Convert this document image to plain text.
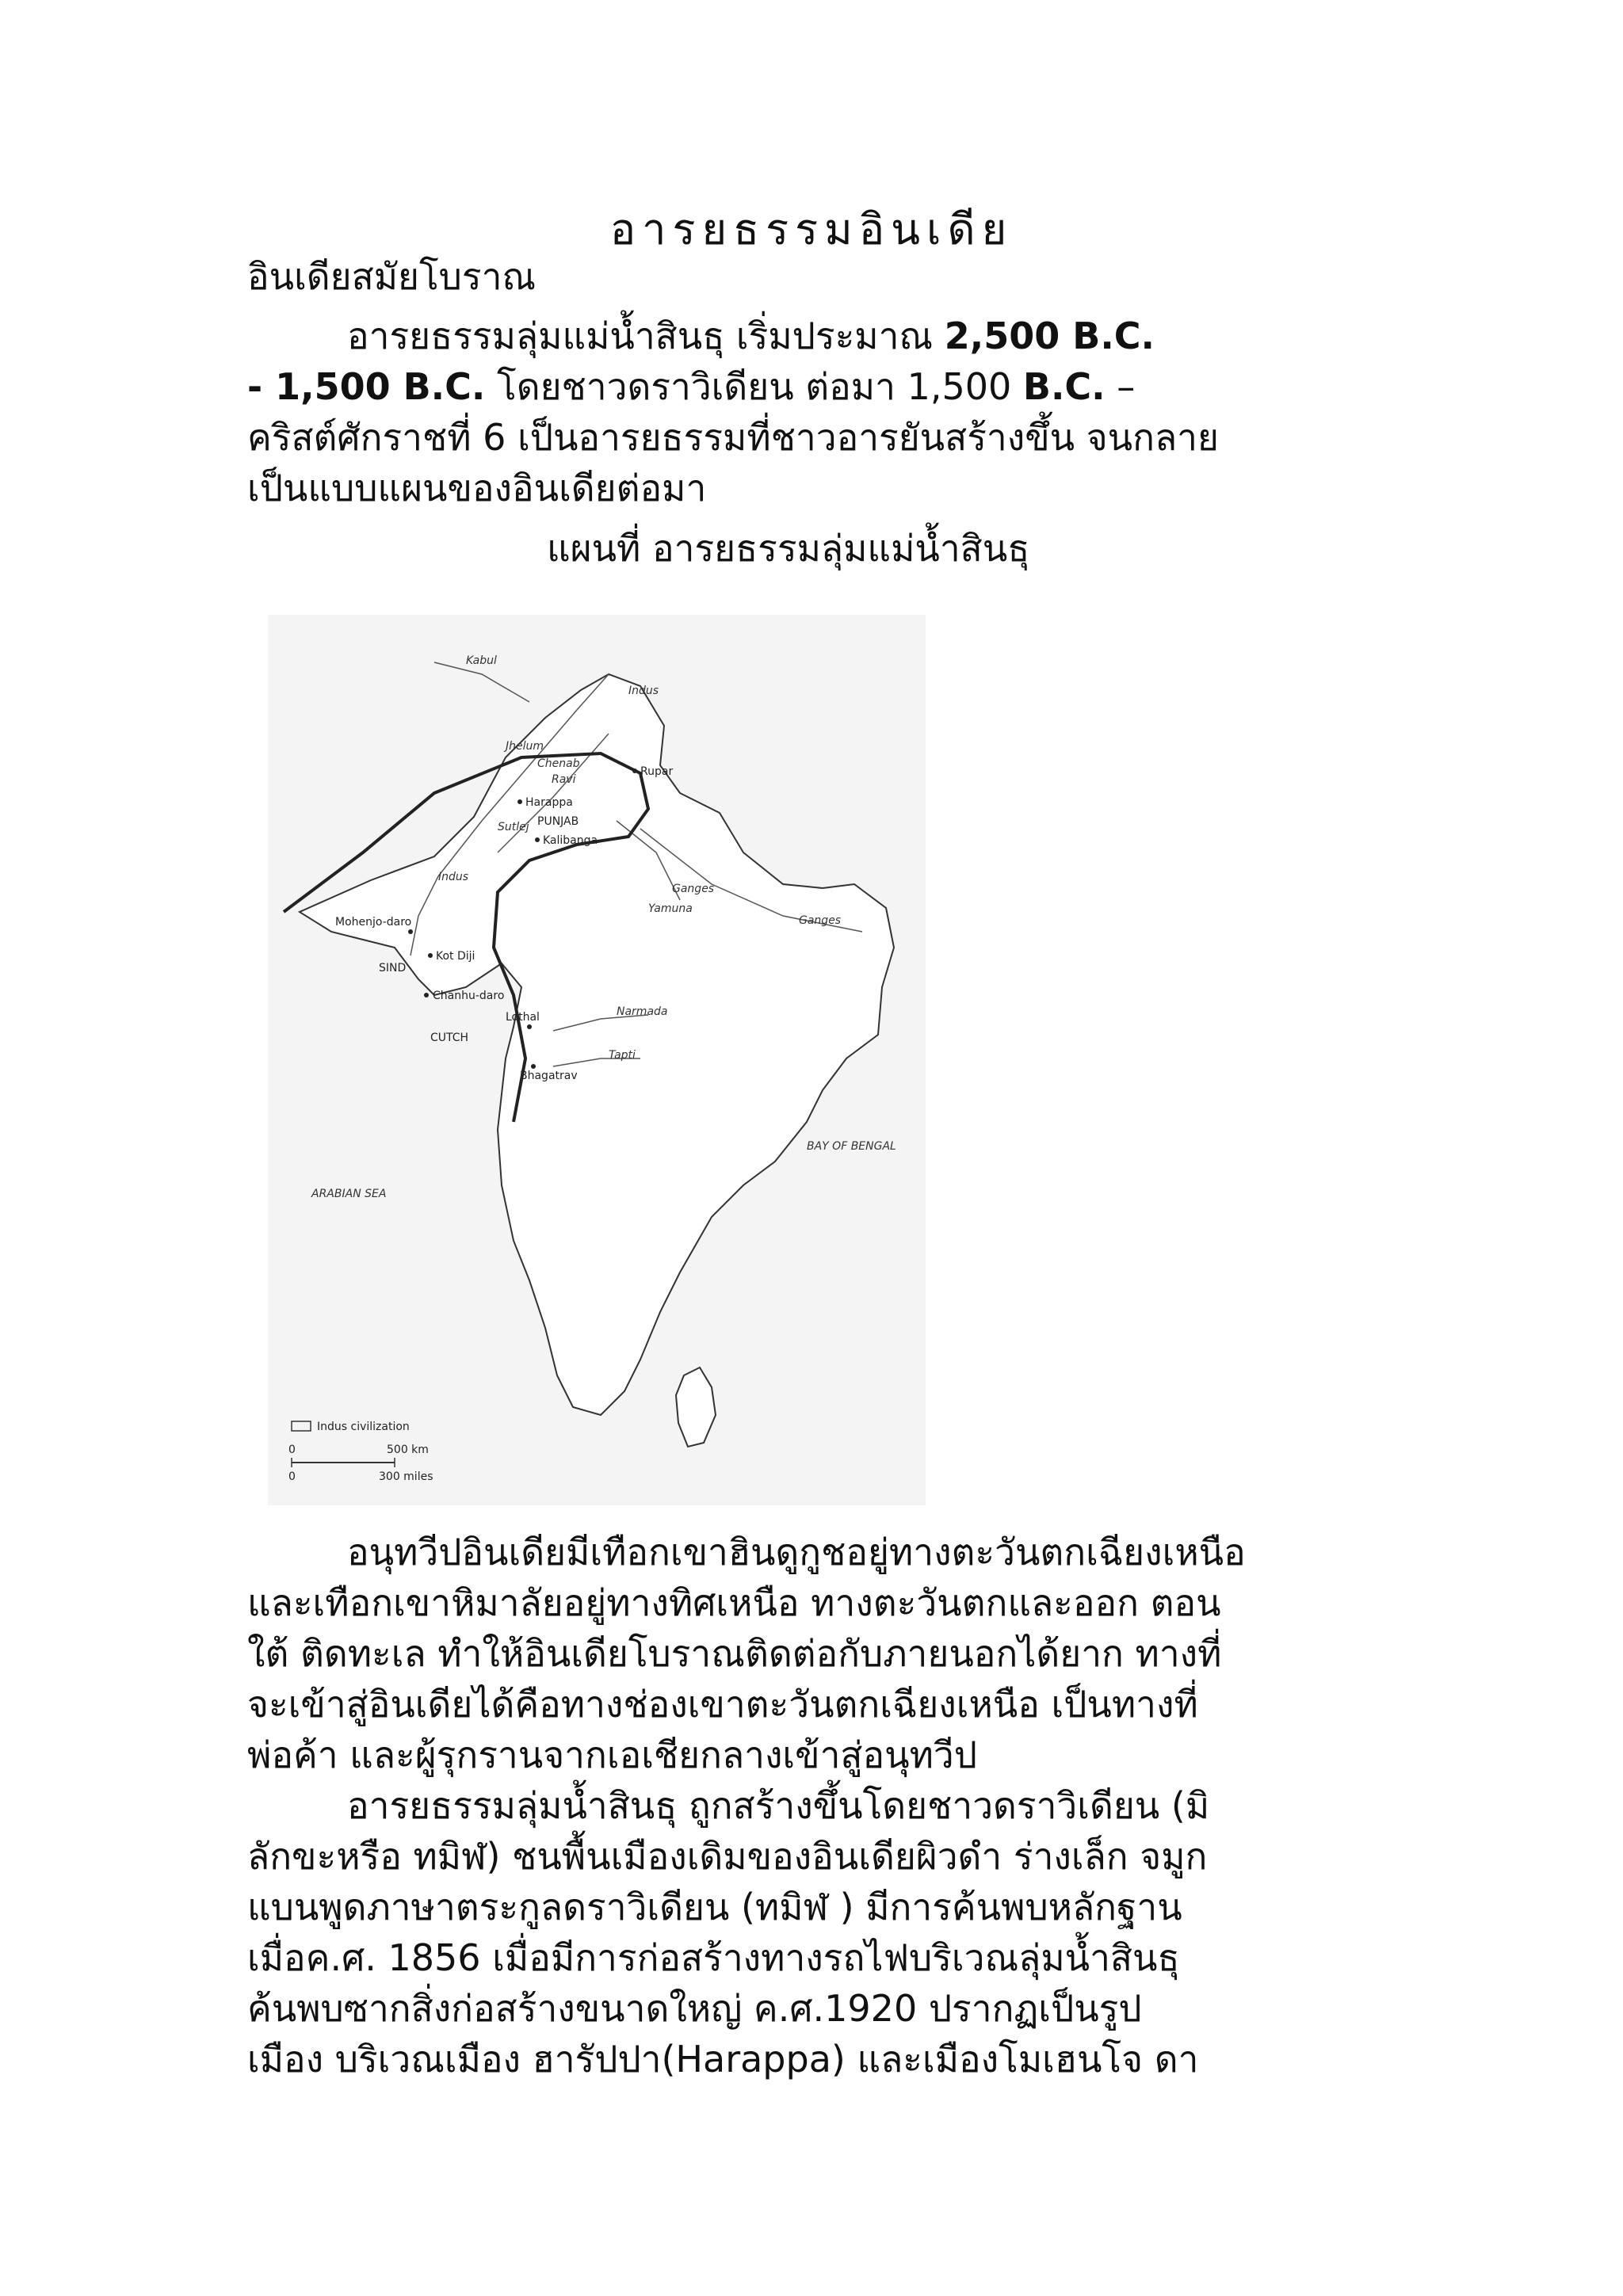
อารยธรรมอินเดีย
อินเดียสมัยโบราณ
อารยธรรมลุ่มแม่น้ำสินธุ เริ่มประมาณ 2,500 B.C.
- 1,500 B.C. โดยชาวดราวิเดียน ต่อมา 1,500 B.C. –
คริสต์ศักราชที่ 6 เป็นอารยธรรมที่ชาวอารยันสร้างขึ้น จนกลาย
เป็นแบบแผนของอินเดียต่อมา
แผนที่ อารยธรรมลุ่มแม่น้ำสินธุ
Kabul
Indus
Jhelum
Chenab
Ravi
Sutlej
Indus
Yamuna
Ganges
Ganges
Narmada
Tapti
Rupar
Harappa
Kalibanga
Mohenjo-daro
Kot Diji
Chanhu-daro
Lothal
Bhagatrav
PUNJAB
SIND
CUTCH
ARABIAN SEA
BAY OF BENGAL
Indus civilization
0	500 km
0	300 miles
อนุทวีปอินเดียมีเทือกเขาฮินดูกูชอยู่ทางตะวันตกเฉียงเหนือ
และเทือกเขาหิมาลัยอยู่ทางทิศเหนือ ทางตะวันตกและออก ตอน
ใต้ ติดทะเล ทำให้อินเดียโบราณติดต่อกับภายนอกได้ยาก ทางที่
จะเข้าสู่อินเดียได้คือทางช่องเขาตะวันตกเฉียงเหนือ เป็นทางที่
พ่อค้า และผู้รุกรานจากเอเชียกลางเข้าสู่อนุทวีป
อารยธรรมลุ่มน้ำสินธุ ถูกสร้างขึ้นโดยชาวดราวิเดียน (มิ
ลักขะหรือ ทมิฬ) ชนพื้นเมืองเดิมของอินเดียผิวดำ ร่างเล็ก จมูก
แบนพูดภาษาตระกูลดราวิเดียน (ทมิฬ ) มีการค้นพบหลักฐาน
เมื่อค.ศ. 1856 เมื่อมีการก่อสร้างทางรถไฟบริเวณลุ่มน้ำสินธุ
ค้นพบซากสิ่งก่อสร้างขนาดใหญ่ ค.ศ.1920 ปรากฏเป็นรูป
เมือง บริเวณเมือง ฮารัปปา(Harappa) และเมืองโมเฮนโจ ดา
